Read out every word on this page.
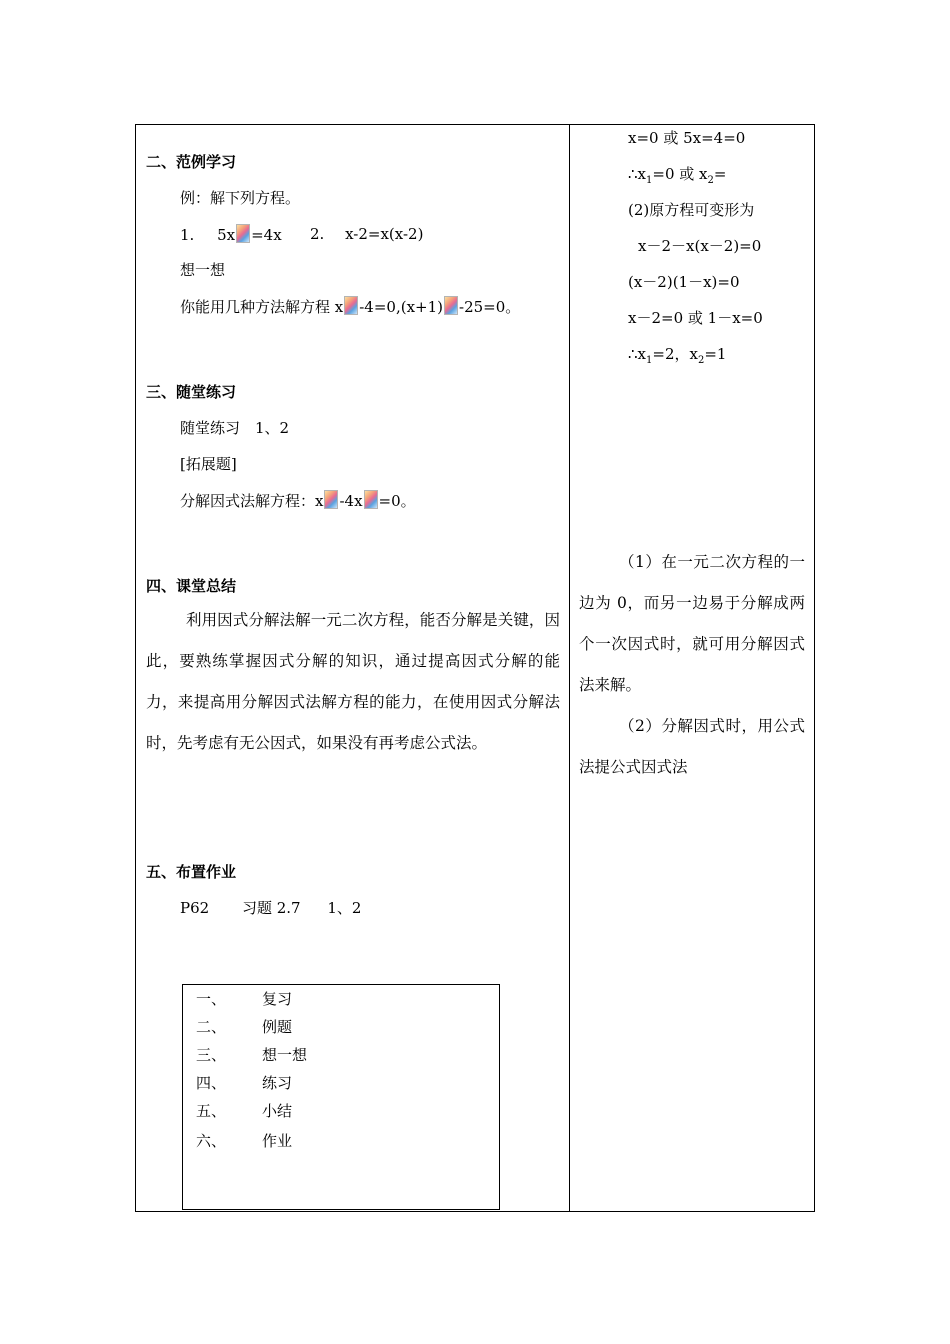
二、范例学习
例：解下列方程。
1. 5x =4x 2. x-2=x(x-2)
想一想
你能用几种方法解方程 x -4=0,(x+1) -25=0。
三、随堂练习
随堂练习　1、2
[拓展题]
分解因式法解方程：x -4x =0。
四、课堂总结
利用因式分解法解一元二次方程，能否分解是关键，因此，要熟练掌握因式分解的知识，通过提高因式分解的能力，来提高用分解因式法解方程的能力，在使用因式分解法时，先考虑有无公因式，如果没有再考虑公式法。
五、布置作业
P62 习题 2.7 1、2
一、 复习
二、 例题
三、 想一想
四、 练习
五、 小结
六、 作业
x=0 或 5x=4=0
$\therefore x_1=0$ 或 $x_2=$
(2)原方程可变形为
x－2－x(x－2)=0
(x－2)(1－x)=0
x－2=0 或 1－x=0
$\therefore x_1=2$，$x_2=1$
（1）在一元二次方程的一边为 0，而另一边易于分解成两个一次因式时，就可用分解因式法来解。
（2）分解因式时，用公式法提公式因式法
